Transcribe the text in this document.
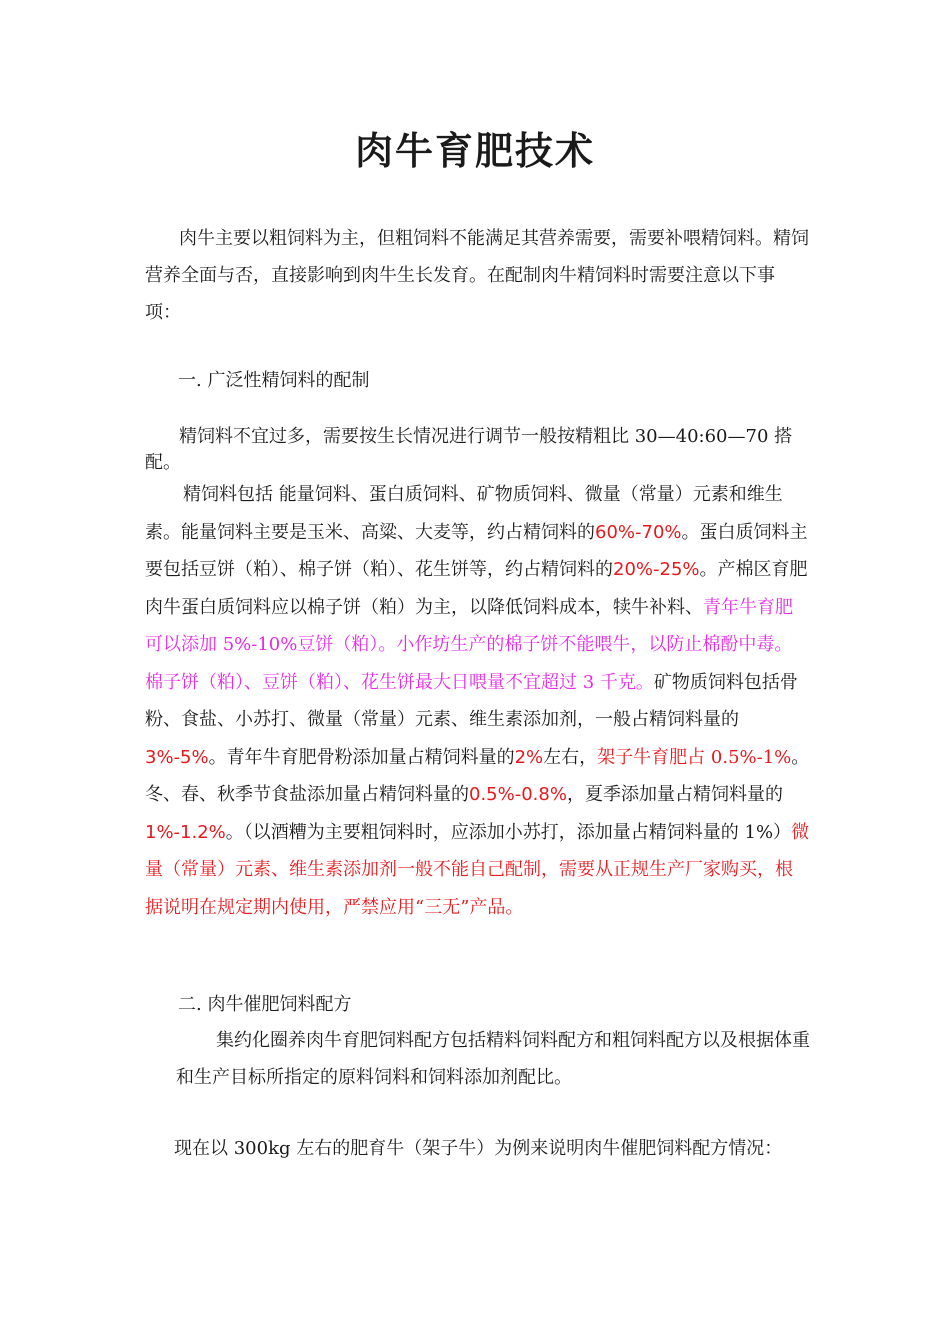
肉牛育肥技术

肉牛主要以粗饲料为主，但粗饲料不能满足其营养需要，需要补喂精饲料。精饲营养全面与否，直接影响到肉牛生长发育。在配制肉牛精饲料时需要注意以下事项：

一. 广泛性精饲料的配制

精饲料不宜过多，需要按生长情况进行调节一般按精粗比 30—40:60—70 搭配。

精饲料包括 能量饲料、蛋白质饲料、矿物质饲料、微量（常量）元素和维生素。能量饲料主要是玉米、高粱、大麦等，约占精饲料的60%-70%。蛋白质饲料主要包括豆饼（粕）、棉子饼（粕）、花生饼等，约占精饲料的20%-25%。产棉区育肥肉牛蛋白质饲料应以棉子饼（粕）为主，以降低饲料成本，犊牛补料、青年牛育肥可以添加 5%-10%豆饼（粕）。小作坊生产的棉子饼不能喂牛，以防止棉酚中毒。棉子饼（粕）、豆饼（粕）、花生饼最大日喂量不宜超过 3 千克。矿物质饲料包括骨粉、食盐、小苏打、微量（常量）元素、维生素添加剂，一般占精饲料量的3%-5%。青年牛育肥骨粉添加量占精饲料量的2%左右，架子牛育肥占 0.5%-1%。冬、春、秋季节食盐添加量占精饲料量的0.5%-0.8%，夏季添加量占精饲料量的1%-1.2%。（以酒糟为主要粗饲料时，应添加小苏打，添加量占精饲料量的 1%）微量（常量）元素、维生素添加剂一般不能自己配制，需要从正规生产厂家购买，根据说明在规定期内使用，严禁应用“三无”产品。

二. 肉牛催肥饲料配方

集约化圈养肉牛育肥饲料配方包括精料饲料配方和粗饲料配方以及根据体重和生产目标所指定的原料饲料和饲料添加剂配比。

现在以 300kg 左右的肥育牛（架子牛）为例来说明肉牛催肥饲料配方情况：
